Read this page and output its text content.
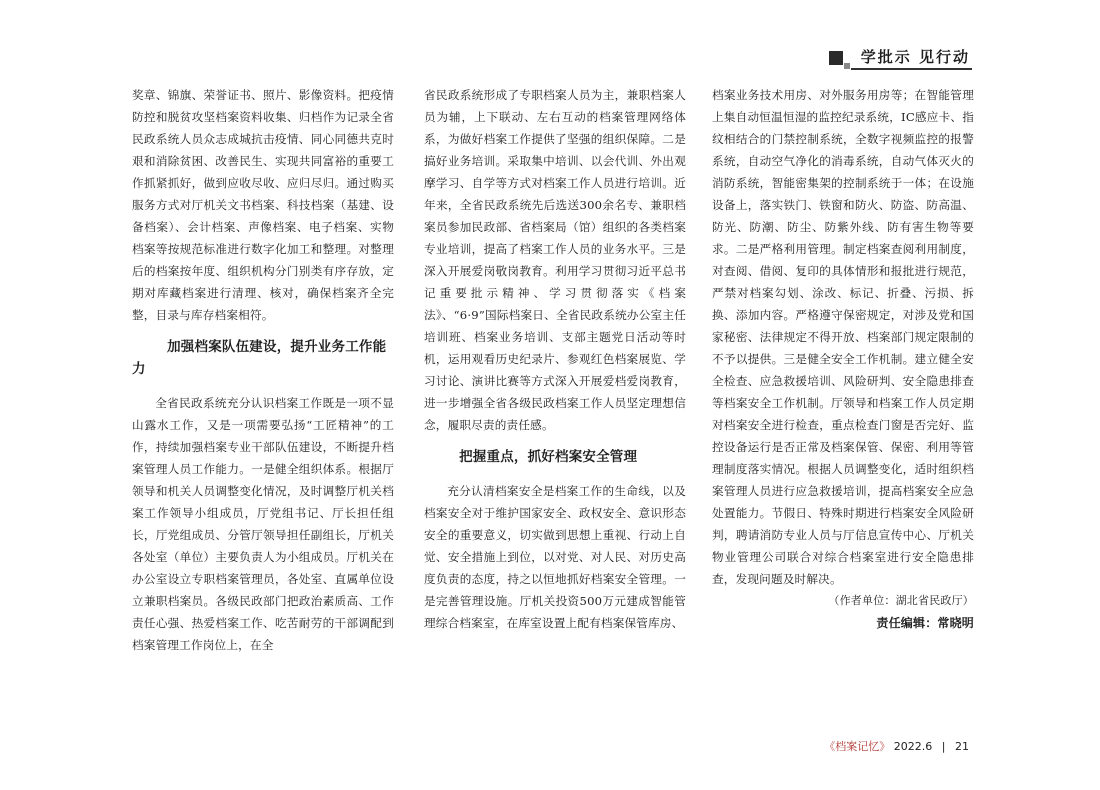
学批示 见行动

奖章、锦旗、荣誉证书、照片、影像资料。把疫情防控和脱贫攻坚档案资料收集、归档作为记录全省民政系统人员众志成城抗击疫情、同心同德共克时艰和消除贫困、改善民生、实现共同富裕的重要工作抓紧抓好，做到应收尽收、应归尽归。通过购买服务方式对厅机关文书档案、科技档案（基建、设备档案）、会计档案、声像档案、电子档案、实物档案等按规范标准进行数字化加工和整理。对整理后的档案按年度、组织机构分门别类有序存放，定期对库藏档案进行清理、核对，确保档案齐全完整，目录与库存档案相符。

加强档案队伍建设，提升业务工作能力

全省民政系统充分认识档案工作既是一项不显山露水工作，又是一项需要弘扬“工匠精神”的工作，持续加强档案专业干部队伍建设，不断提升档案管理人员工作能力。一是健全组织体系。根据厅领导和机关人员调整变化情况，及时调整厅机关档案工作领导小组成员，厅党组书记、厅长担任组长，厅党组成员、分管厅领导担任副组长，厅机关各处室（单位）主要负责人为小组成员。厅机关在办公室设立专职档案管理员，各处室、直属单位设立兼职档案员。各级民政部门把政治素质高、工作责任心强、热爱档案工作、吃苦耐劳的干部调配到档案管理工作岗位上，在全

省民政系统形成了专职档案人员为主，兼职档案人员为辅，上下联动、左右互动的档案管理网络体系，为做好档案工作提供了坚强的组织保障。二是搞好业务培训。采取集中培训、以会代训、外出观摩学习、自学等方式对档案工作人员进行培训。近年来，全省民政系统先后选送300余名专、兼职档案员参加民政部、省档案局（馆）组织的各类档案专业培训，提高了档案工作人员的业务水平。三是深入开展爱岗敬岗教育。利用学习贯彻习近平总书记重要批示精神、学习贯彻落实《档案法》、“6·9”国际档案日、全省民政系统办公室主任培训班、档案业务培训、支部主题党日活动等时机，运用观看历史纪录片、参观红色档案展览、学习讨论、演讲比赛等方式深入开展爱档爱岗教育，进一步增强全省各级民政档案工作人员坚定理想信念，履职尽责的责任感。

把握重点，抓好档案安全管理

充分认清档案安全是档案工作的生命线，以及档案安全对于维护国家安全、政权安全、意识形态安全的重要意义，切实做到思想上重视、行动上自觉、安全措施上到位，以对党、对人民、对历史高度负责的态度，持之以恒地抓好档案安全管理。一是完善管理设施。厅机关投资500万元建成智能管理综合档案室，在库室设置上配有档案保管库房、

档案业务技术用房、对外服务用房等；在智能管理上集自动恒温恒湿的监控纪录系统，IC感应卡、指纹相结合的门禁控制系统，全数字视频监控的报警系统，自动空气净化的消毒系统，自动气体灭火的消防系统，智能密集架的控制系统于一体；在设施设备上，落实铁门、铁窗和防火、防盗、防高温、防光、防潮、防尘、防紫外线、防有害生物等要求。二是严格利用管理。制定档案查阅利用制度，对查阅、借阅、复印的具体情形和报批进行规范，严禁对档案勾划、涂改、标记、折叠、污损、拆换、添加内容。严格遵守保密规定，对涉及党和国家秘密、法律规定不得开放、档案部门规定限制的不予以提供。三是健全安全工作机制。建立健全安全检查、应急救援培训、风险研判、安全隐患排查等档案安全工作机制。厅领导和档案工作人员定期对档案安全进行检查，重点检查门窗是否完好、监控设备运行是否正常及档案保管、保密、利用等管理制度落实情况。根据人员调整变化，适时组织档案管理人员进行应急救援培训，提高档案安全应急处置能力。节假日、特殊时期进行档案安全风险研判，聘请消防专业人员与厅信息宣传中心、厅机关物业管理公司联合对综合档案室进行安全隐患排查，发现问题及时解决。

（作者单位：湖北省民政厅）

责任编辑：常晓明

《档案记忆》 2022.6 | 21
